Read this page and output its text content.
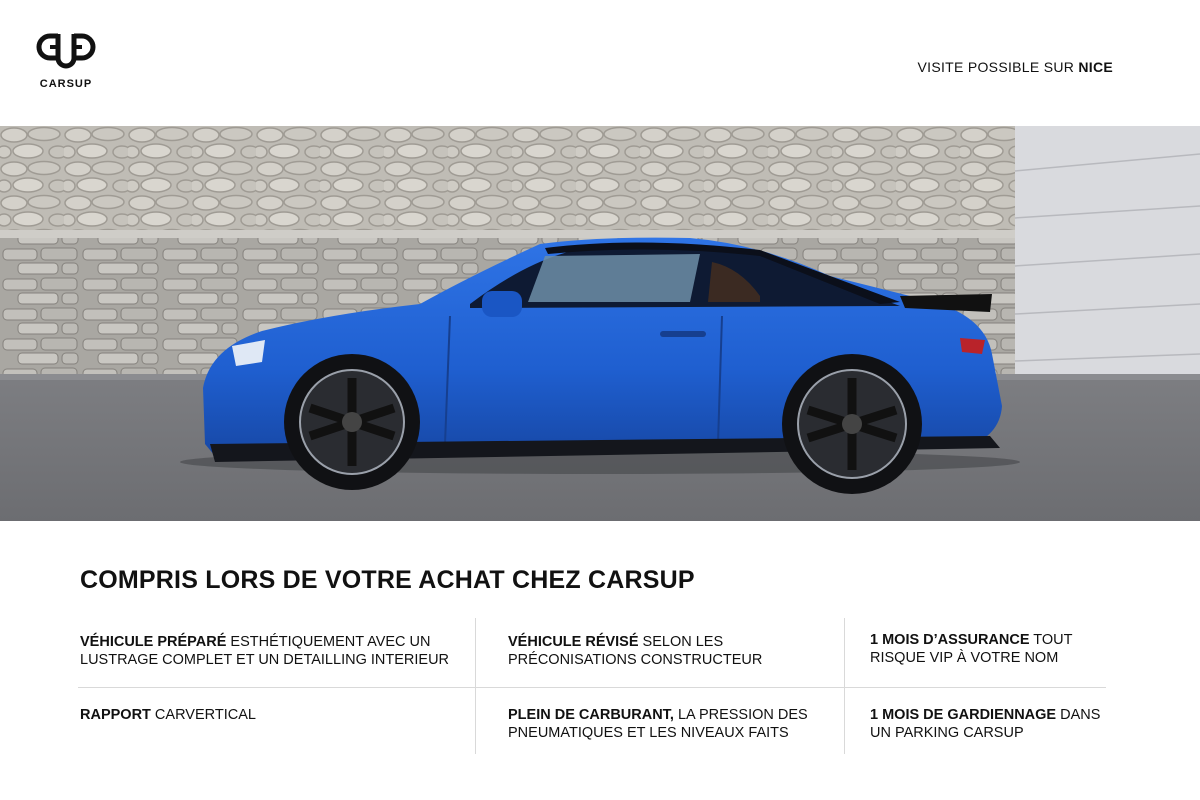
CARSUP
VISITE POSSIBLE SUR NICE
COMPRIS LORS DE VOTRE ACHAT CHEZ CARSUP
VÉHICULE PRÉPARÉ ESTHÉTIQUEMENT AVEC UN LUSTRAGE COMPLET ET UN DETAILLING INTERIEUR
VÉHICULE RÉVISÉ SELON LES PRÉCONISATIONS CONSTRUCTEUR
1 MOIS D’ASSURANCE TOUT RISQUE VIP À VOTRE NOM
RAPPORT CARVERTICAL	PLEIN DE CARBURANT, LA PRESSION DES PNEUMATIQUES ET LES NIVEAUX FAITS
1 MOIS DE GARDIENNAGE DANS UN PARKING CARSUP
